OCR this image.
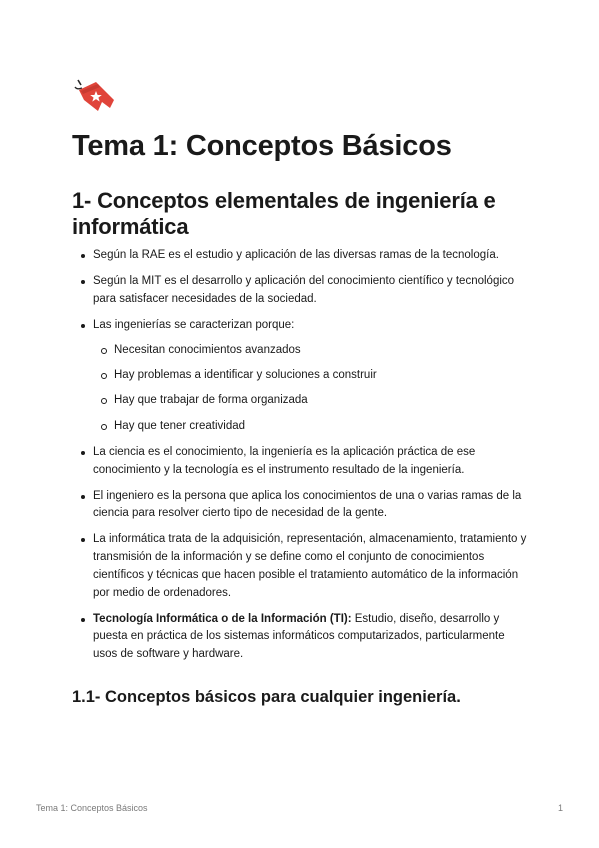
Tema 1: Conceptos Básicos
1- Conceptos elementales de ingeniería e informática
Según la RAE es el estudio y aplicación de las diversas ramas de la tecnología.
Según la MIT es el desarrollo y aplicación del conocimiento científico y tecnológico para satisfacer necesidades de la sociedad.
Las ingenierías se caracterizan porque:
Necesitan conocimientos avanzados
Hay problemas a identificar y soluciones a construir
Hay que trabajar de forma organizada
Hay que tener creatividad
La ciencia es el conocimiento, la ingeniería es la aplicación práctica de ese conocimiento y la tecnología es el instrumento resultado de la ingeniería.
El ingeniero es la persona que aplica los conocimientos de una o varias ramas de la ciencia para resolver cierto tipo de necesidad de la gente.
La informática trata de la adquisición, representación, almacenamiento, tratamiento y transmisión de la información y se define como el conjunto de conocimientos científicos y técnicas que hacen posible el tratamiento automático de la información por medio de ordenadores.
Tecnología Informática o de la Información (TI): Estudio, diseño, desarrollo y puesta en práctica de los sistemas informáticos computarizados, particularmente usos de software y hardware.
1.1- Conceptos básicos para cualquier ingeniería.
Tema 1: Conceptos Básicos	1
